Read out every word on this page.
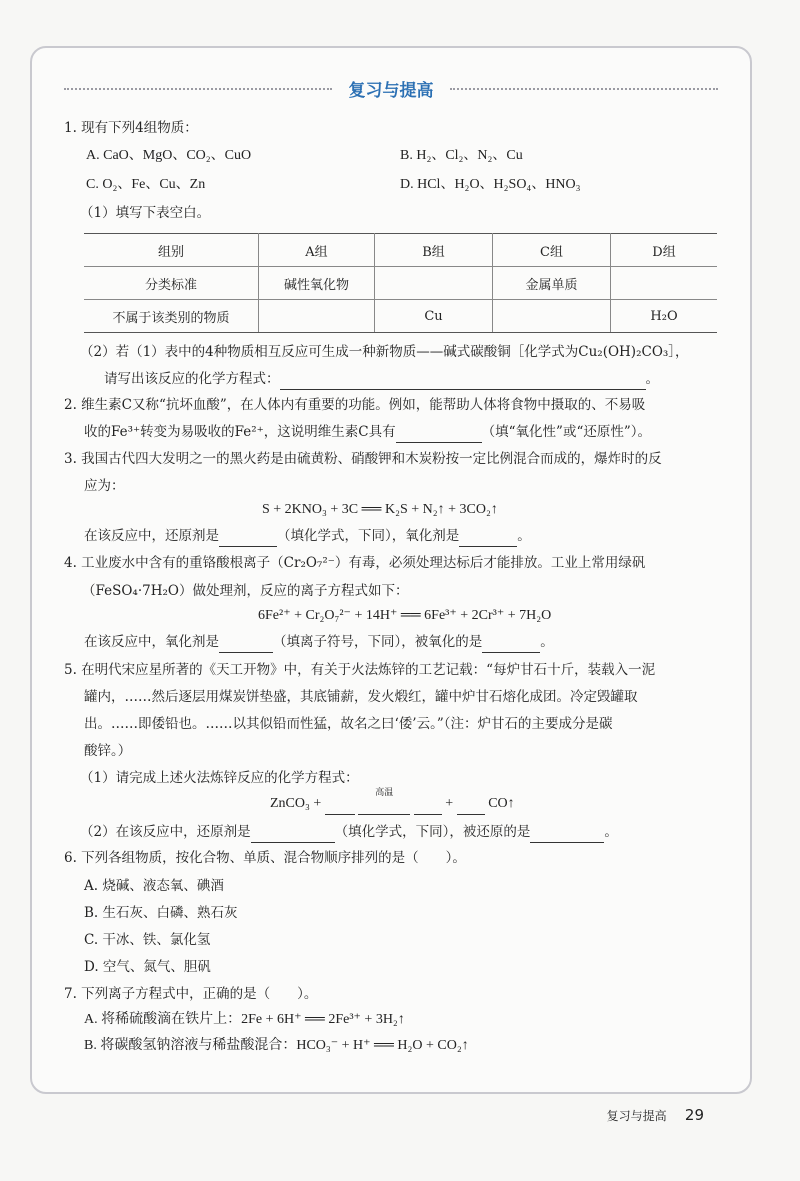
复习与提高
1. 现有下列4组物质：
A. CaO、MgO、CO₂、CuO	B. H₂、Cl₂、N₂、Cu
C. O₂、Fe、Cu、Zn	D. HCl、H₂O、H₂SO₄、HNO₃
（1）填写下表空白。
组别	A组	B组	C组	D组
分类标准	碱性氧化物		金属单质	
不属于该类别的物质		Cu		H₂O
（2）若（1）表中的4种物质相互反应可生成一种新物质——碱式碳酸铜［化学式为Cu₂(OH)₂CO₃］，
请写出该反应的化学方程式：	。
2. 维生素C又称“抗坏血酸”，在人体内有重要的功能。例如，能帮助人体将食物中摄取的、不易吸
收的Fe³⁺转变为易吸收的Fe²⁺，这说明维生素C具有	（填“氧化性”或“还原性”）。
3. 我国古代四大发明之一的黑火药是由硫黄粉、硝酸钾和木炭粉按一定比例混合而成的，爆炸时的反
应为：
S + 2KNO₃ + 3C ══ K₂S + N₂↑ + 3CO₂↑
在该反应中，还原剂是	（填化学式，下同），氧化剂是	。
4. 工业废水中含有的重铬酸根离子（Cr₂O₇²⁻）有毒，必须处理达标后才能排放。工业上常用绿矾
（FeSO₄·7H₂O）做处理剂，反应的离子方程式如下：
6Fe²⁺ + Cr₂O₇²⁻ + 14H⁺ ══ 6Fe³⁺ + 2Cr³⁺ + 7H₂O
在该反应中，氧化剂是	（填离子符号，下同），被氧化的是	。
5. 在明代宋应星所著的《天工开物》中，有关于火法炼锌的工艺记载：“每炉甘石十斤，装载入一泥
罐内，……然后逐层用煤炭饼垫盛，其底铺薪，发火煅红，罐中炉甘石熔化成团。冷定毁罐取
出。……即倭铅也。……以其似铅而性猛，故名之曰‘倭’云。”（注：炉甘石的主要成分是碳
酸锌。）
（1）请完成上述火法炼锌反应的化学方程式：
ZnCO₃ +
高温
+   CO↑
（2）在该反应中，还原剂是	（填化学式，下同），被还原的是	。
6. 下列各组物质，按化合物、单质、混合物顺序排列的是（　　）。
A. 烧碱、液态氧、碘酒
B. 生石灰、白磷、熟石灰
C. 干冰、铁、氯化氢
D. 空气、氮气、胆矾
7. 下列离子方程式中，正确的是（　　）。
A. 将稀硫酸滴在铁片上：2Fe + 6H⁺ ══ 2Fe³⁺ + 3H₂↑
B. 将碳酸氢钠溶液与稀盐酸混合：HCO₃⁻ + H⁺ ══ H₂O + CO₂↑
复习与提高 29
